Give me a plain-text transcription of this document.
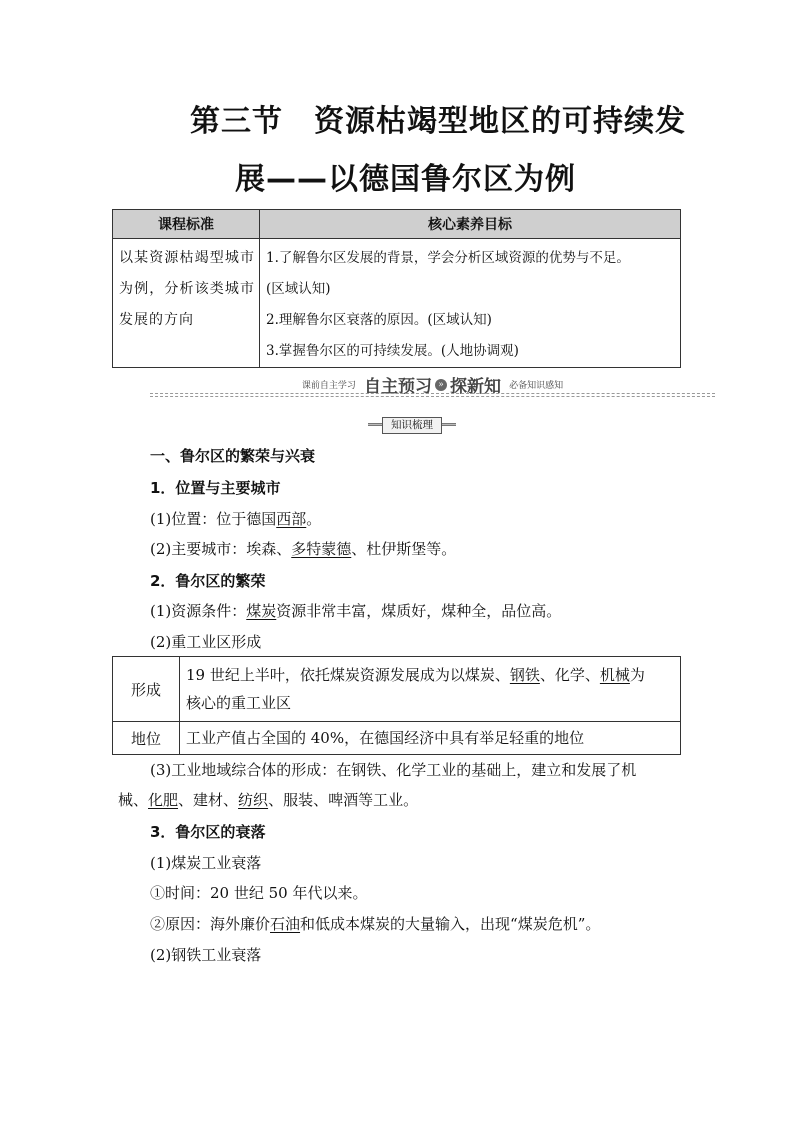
第三节　资源枯竭型地区的可持续发
展——以德国鲁尔区为例
课程标准	核心素养目标
以某资源枯竭型城市为例，分析该类城市发展的方向	1.了解鲁尔区发展的背景，学会分析区域资源的优势与不足。
(区域认知)
2.理解鲁尔区衰落的原因。(区域认知)
3.掌握鲁尔区的可持续发展。(人地协调观)
课前自主学习 自主预习 » 探新知 必备知识感知
知识梳理
一、鲁尔区的繁荣与兴衰
1．位置与主要城市
(1)位置：位于德国西部。
(2)主要城市：埃森、多特蒙德、杜伊斯堡等。
2．鲁尔区的繁荣
(1)资源条件：煤炭资源非常丰富，煤质好，煤种全，品位高。
(2)重工业区形成
形成	19 世纪上半叶，依托煤炭资源发展成为以煤炭、钢铁、化学、机械为
核心的重工业区

地位	工业产值占全国的 40%，在德国经济中具有举足轻重的地位
(3)工业地域综合体的形成：在钢铁、化学工业的基础上，建立和发展了机
械、化肥、建材、纺织、服装、啤酒等工业。
3．鲁尔区的衰落
(1)煤炭工业衰落
①时间：20 世纪 50 年代以来。
②原因：海外廉价石油和低成本煤炭的大量输入，出现“煤炭危机”。
(2)钢铁工业衰落
